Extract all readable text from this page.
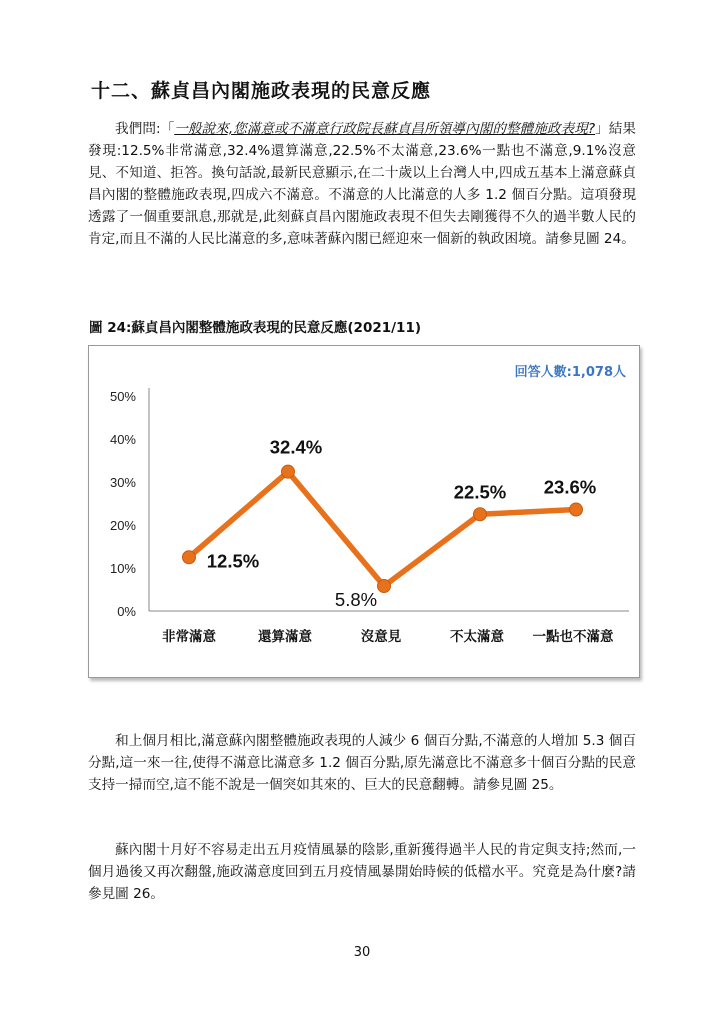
十二、蘇貞昌內閣施政表現的民意反應

我們問:「一般說來,您滿意或不滿意行政院長蘇貞昌所領導內閣的整體施政表現?」結果發現:12.5%非常滿意,32.4%還算滿意,22.5%不太滿意,23.6%一點也不滿意,9.1%沒意見、不知道、拒答。換句話說,最新民意顯示,在二十歲以上台灣人中,四成五基本上滿意蘇貞昌內閣的整體施政表現,四成六不滿意。不滿意的人比滿意的人多 1.2 個百分點。這項發現透露了一個重要訊息,那就是,此刻蘇貞昌內閣施政表現不但失去剛獲得不久的過半數人民的肯定,而且不滿的人民比滿意的多,意味著蘇內閣已經迎來一個新的執政困境。請參見圖 24。

圖 24:蘇貞昌內閣整體施政表現的民意反應(2021/11)
0%
10%
20%
30%
40%
50%
非常滿意	還算滿意	沒意見	不太滿意 一點也不滿意
12.5%
32.4%
5.8%
22.5% 23.6%
回答人數:1,078人

和上個月相比,滿意蘇內閣整體施政表現的人減少 6 個百分點,不滿意的人增加 5.3 個百分點,這一來一往,使得不滿意比滿意多 1.2 個百分點,原先滿意比不滿意多十個百分點的民意支持一掃而空,這不能不說是一個突如其來的、巨大的民意翻轉。請參見圖 25。

蘇內閣十月好不容易走出五月疫情風暴的陰影,重新獲得過半人民的肯定與支持;然而,一個月過後又再次翻盤,施政滿意度回到五月疫情風暴開始時候的低檔水平。究竟是為什麼?請參見圖 26。

30
